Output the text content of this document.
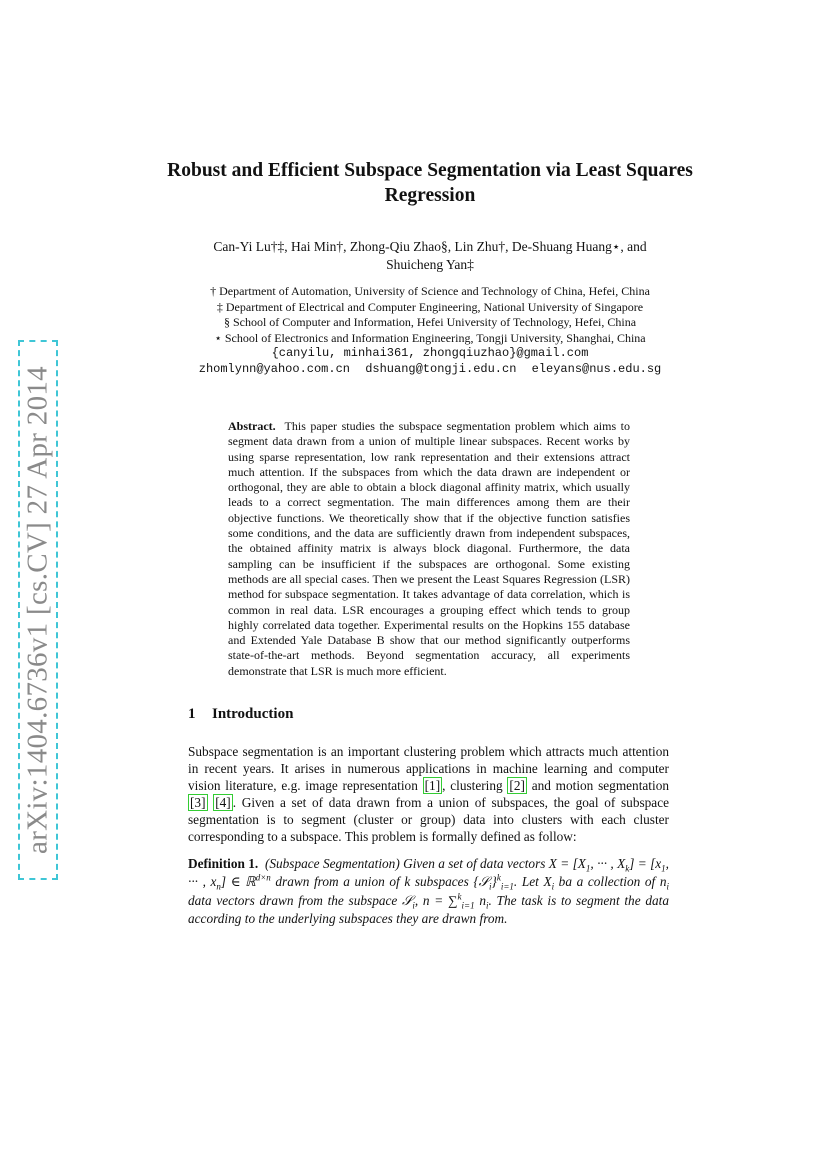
arXiv:1404.6736v1 [cs.CV] 27 Apr 2014
Robust and Efficient Subspace Segmentation via Least Squares Regression

Can-Yi Lu†‡, Hai Min†, Zhong-Qiu Zhao§, Lin Zhu†, De-Shuang Huang⋆, and
Shuicheng Yan‡

† Department of Automation, University of Science and Technology of China, Hefei, China
‡ Department of Electrical and Computer Engineering, National University of Singapore
§ School of Computer and Information, Hefei University of Technology, Hefei, China
⋆ School of Electronics and Information Engineering, Tongji University, Shanghai, China
{canyilu, minhai361, zhongqiuzhao}@gmail.com
zhomlynn@yahoo.com.cn dshuang@tongji.edu.cn eleyans@nus.edu.sg

Abstract. This paper studies the subspace segmentation problem which aims to segment data drawn from a union of multiple linear subspaces. Recent works by using sparse representation, low rank representation and their extensions attract much attention. If the subspaces from which the data drawn are independent or orthogonal, they are able to obtain a block diagonal affinity matrix, which usually leads to a correct segmentation. The main differences among them are their objective functions. We theoretically show that if the objective function satisfies some conditions, and the data are sufficiently drawn from independent subspaces, the obtained affinity matrix is always block diagonal. Furthermore, the data sampling can be insufficient if the subspaces are orthogonal. Some existing methods are all special cases. Then we present the Least Squares Regression (LSR) method for subspace segmentation. It takes advantage of data correlation, which is common in real data. LSR encourages a grouping effect which tends to group highly correlated data together. Experimental results on the Hopkins 155 database and Extended Yale Database B show that our method significantly outperforms state-of-the-art methods. Beyond segmentation accuracy, all experiments demonstrate that LSR is much more efficient.

1 Introduction

Subspace segmentation is an important clustering problem which attracts much attention in recent years. It arises in numerous applications in machine learning and computer vision literature, e.g. image representation [1] , clustering [2] and motion segmentation [3] [4] . Given a set of data drawn from a union of subspaces, the goal of subspace segmentation is to segment (cluster or group) data into clusters with each cluster corresponding to a subspace. This problem is formally defined as follow:

Definition 1. (Subspace Segmentation) Given a set of data vectors $X = [X_1$, ··· , $X_k] = [x_1$, ··· , $x_n$] ∈ ℝ$^{d\times n}$ drawn from a union of k subspaces {𝒮$_i$}$^k_{i=1}$. Let $X_i$ ba a collection of $n_i$ data vectors drawn from the subspace 𝒮$_i$, n = ∑$^k_{i=1}$ $n_i$. The task is to segment the data according to the underlying subspaces they are drawn from.
